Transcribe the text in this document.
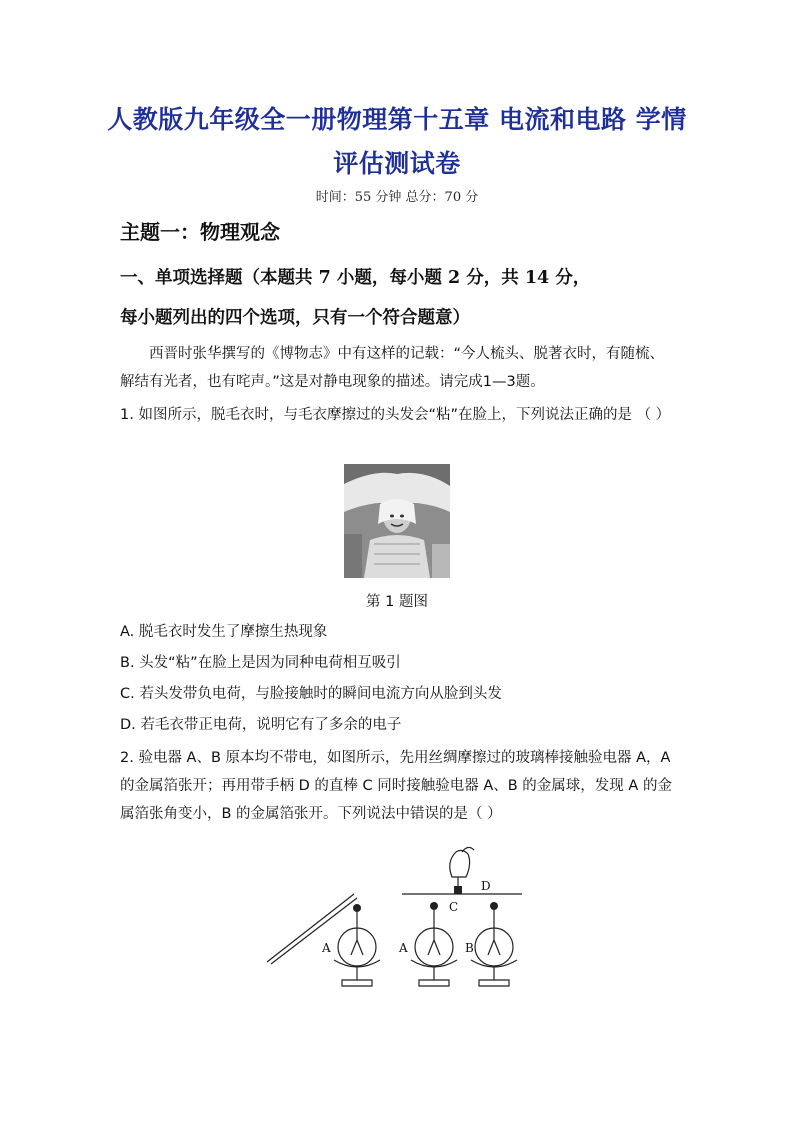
人教版九年级全一册物理第十五章 电流和电路 学情
评估测试卷
时间：55 分钟 总分：70 分
主题一：物理观念
一、单项选择题（本题共 7 小题，每小题 2 分，共 14 分，
每小题列出的四个选项，只有一个符合题意）
西晋时张华撰写的《博物志》中有这样的记载：“今人梳头、脱著衣时，有随梳、解结有光者，也有咤声。”这是对静电现象的描述。请完成1—3题。
1. 如图所示，脱毛衣时，与毛衣摩擦过的头发会“粘”在脸上，下列说法正确的是 （ ）
第 1 题图
A. 脱毛衣时发生了摩擦生热现象
B. 头发“粘”在脸上是因为同种电荷相互吸引
C. 若头发带负电荷，与脸接触时的瞬间电流方向从脸到头发
D. 若毛衣带正电荷，说明它有了多余的电子
2. 验电器 A、B 原本均不带电，如图所示，先用丝绸摩擦过的玻璃棒接触验电器 A，A 的金属箔张开；再用带手柄 D 的直棒 C 同时接触验电器 A、B 的金属球，发现 A 的金属箔张角变小，B 的金属箔张开。下列说法中错误的是（ ）
A	A	B
C
D
